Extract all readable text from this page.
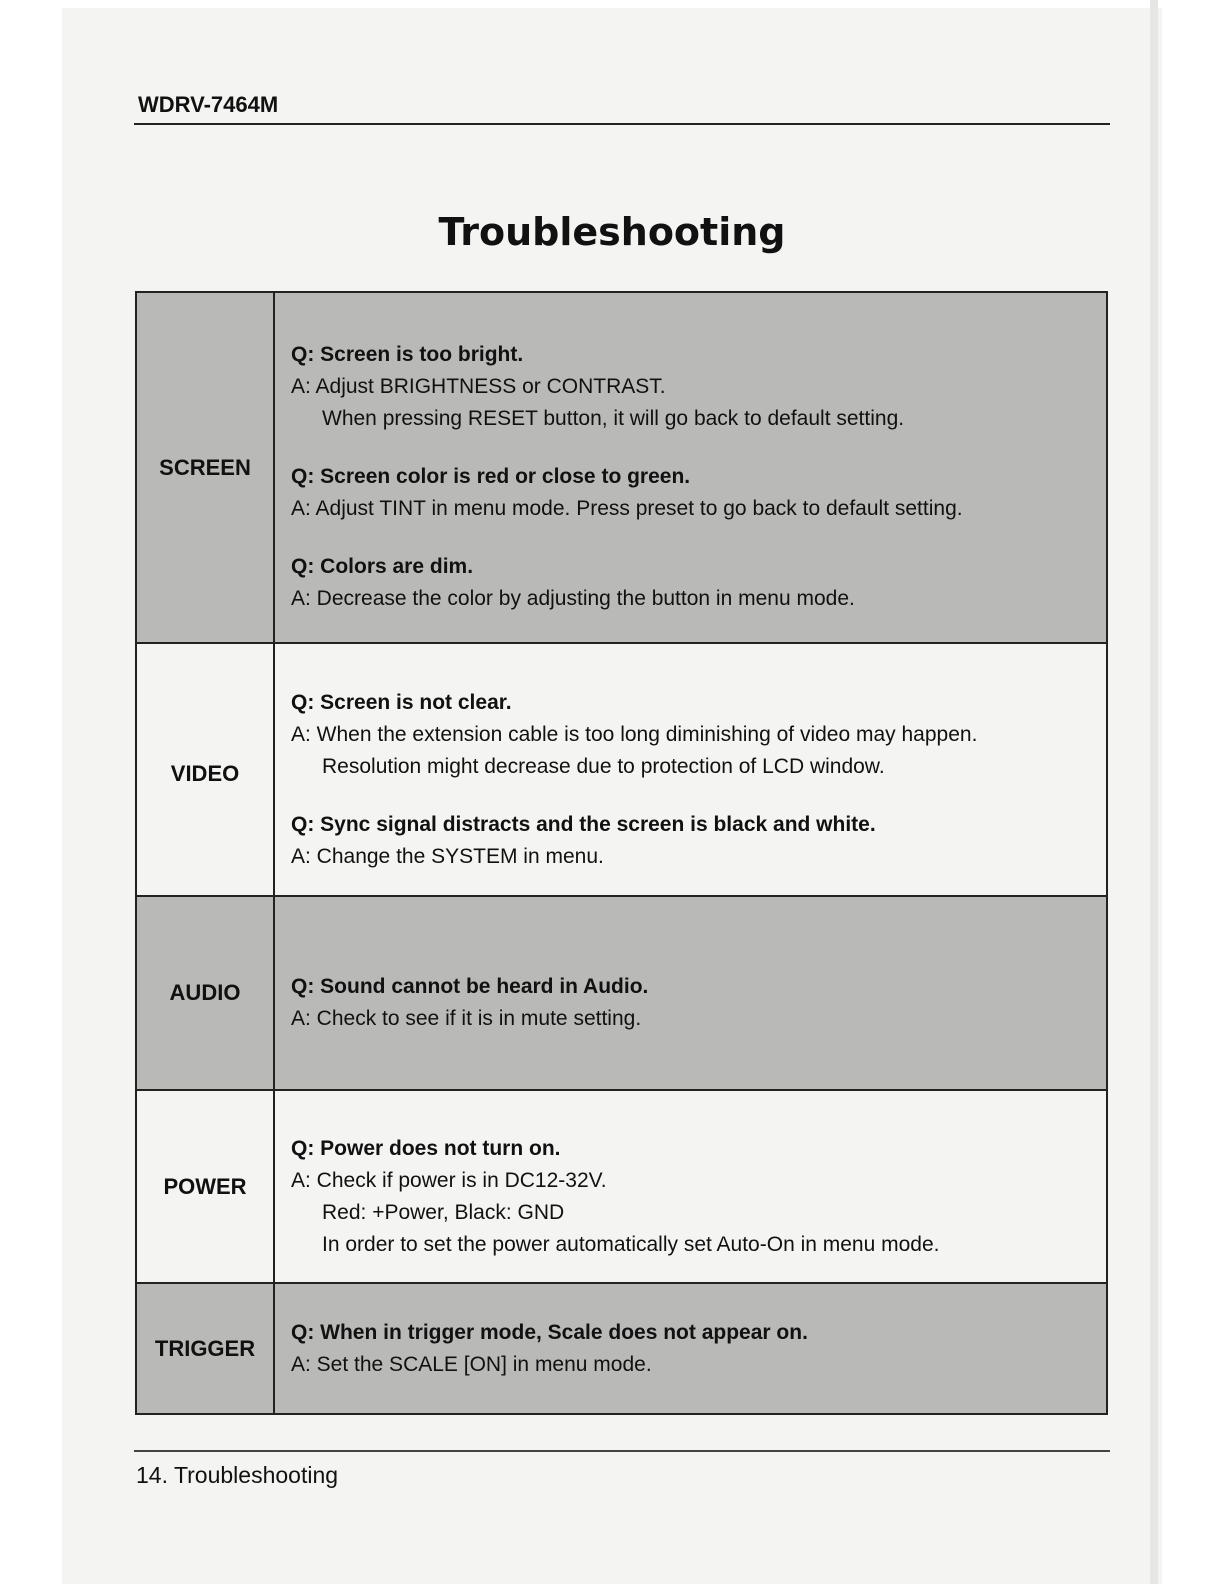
WDRV-7464M
Troubleshooting
SCREEN
Q: Screen is too bright.
A: Adjust BRIGHTNESS or CONTRAST.
When pressing RESET button, it will go back to default setting.
Q: Screen color is red or close to green.
A: Adjust TINT in menu mode. Press preset to go back to default setting.
Q: Colors are dim.
A: Decrease the color by adjusting the button in menu mode.
VIDEO
Q: Screen is not clear.
A: When the extension cable is too long diminishing of video may happen.
Resolution might decrease due to protection of LCD window.
Q: Sync signal distracts and the screen is black and white.
A: Change the SYSTEM in menu.
AUDIO	Q: Sound cannot be heard in Audio.
A: Check to see if it is in mute setting.
POWER
Q: Power does not turn on.
A: Check if power is in DC12-32V.
Red: +Power, Black: GND
In order to set the power automatically set Auto-On in menu mode.
TRIGGER
Q: When in trigger mode, Scale does not appear on.
A: Set the SCALE [ON] in menu mode.
14. Troubleshooting
